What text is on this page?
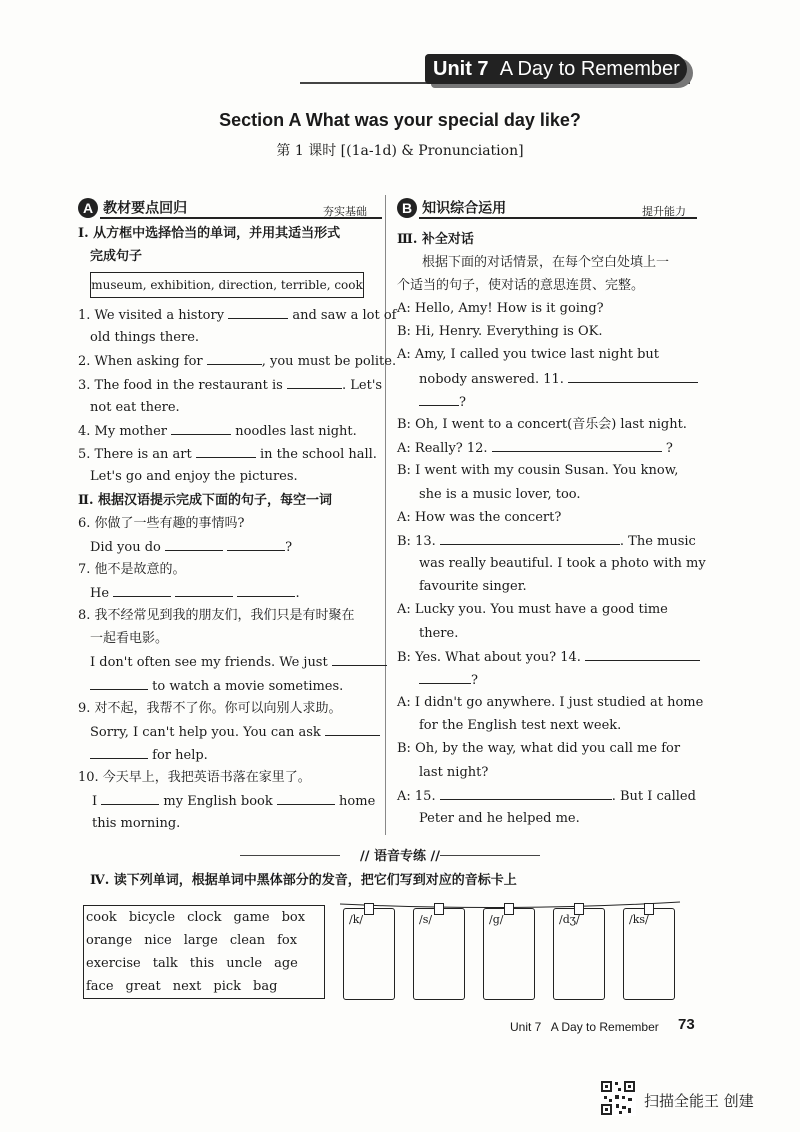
Unit 7 A Day to Remember
Section A What was your special day like?
第 1 课时 [(1a-1d) & Pronunciation]
A 教材要点回归	夯实基础	B 知识综合运用	提升能力
Ⅰ. 从方框中选择恰当的单词，并用其适当形式
完成句子
museum, exhibition, direction, terrible, cook
1. We visited a history	and saw a lot of
old things there.
2. When asking for	, you must be polite.
3. The food in the restaurant is	. Let's
not eat there.
4. My mother	noodles last night.
5. There is an art	in the school hall.
Let's go and enjoy the pictures.
Ⅱ. 根据汉语提示完成下面的句子，每空一词
6. 你做了一些有趣的事情吗?
Did you do	?
7. 他不是故意的。
He	.
8. 我不经常见到我的朋友们，我们只是有时聚在
一起看电影。
I don't often see my friends. We just
to watch a movie sometimes.
9. 对不起，我帮不了你。你可以向别人求助。
Sorry, I can't help you. You can ask
for help.
10. 今天早上，我把英语书落在家里了。
I	my English book	home
this morning.
Ⅲ. 补全对话
根据下面的对话情景，在每个空白处填上一
个适当的句子，使对话的意思连贯、完整。
A: Hello, Amy! How is it going?
B: Hi, Henry. Everything is OK.
A: Amy, I called you twice last night but
nobody answered. 11.
?
B: Oh, I went to a concert(音乐会) last night.
A: Really? 12.	?
B: I went with my cousin Susan. You know,
she is a music lover, too.
A: How was the concert?
B: 13.	. The music
was really beautiful. I took a photo with my
favourite singer.
A: Lucky you. You must have a good time
there.
B: Yes. What about you? 14.
?
A: I didn't go anywhere. I just studied at home
for the English test next week.
B: Oh, by the way, what did you call me for
last night?
A: 15.	. But I called
Peter and he helped me.
// 语音专练 //
Ⅳ. 读下列单词，根据单词中黑体部分的发音，把它们写到对应的音标卡上
cook bicycle clock game box
orange nice large clean fox
exercise talk this uncle age
face great next pick bag
/k/	/s/	/g/	/dʒ/	/ks/
Unit 7 A Day to Remember 73
扫描全能王 创建
